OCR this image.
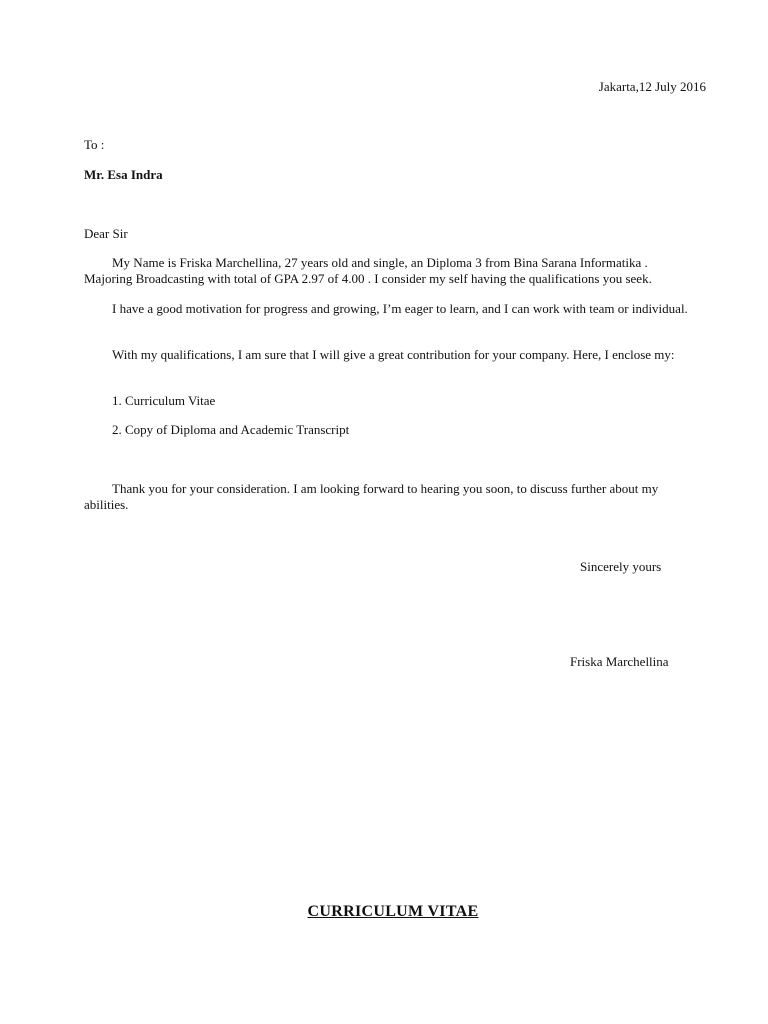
Jakarta,12 July 2016
To :
Mr. Esa Indra
Dear Sir
My Name is Friska Marchellina, 27 years old and single, an Diploma 3 from Bina Sarana Informatika . Majoring Broadcasting with total of GPA 2.97 of 4.00 . I consider my self having the qualifications you seek.
I have a good motivation for progress and growing, I’m eager to learn, and I can work with team or individual.
With my qualifications, I am sure that I will give a great contribution for your company. Here, I enclose my:
1. Curriculum Vitae
2. Copy of Diploma and Academic Transcript
Thank you for your consideration. I am looking forward to hearing you soon, to discuss further about my abilities.
Sincerely yours
Friska Marchellina
CURRICULUM VITAE
